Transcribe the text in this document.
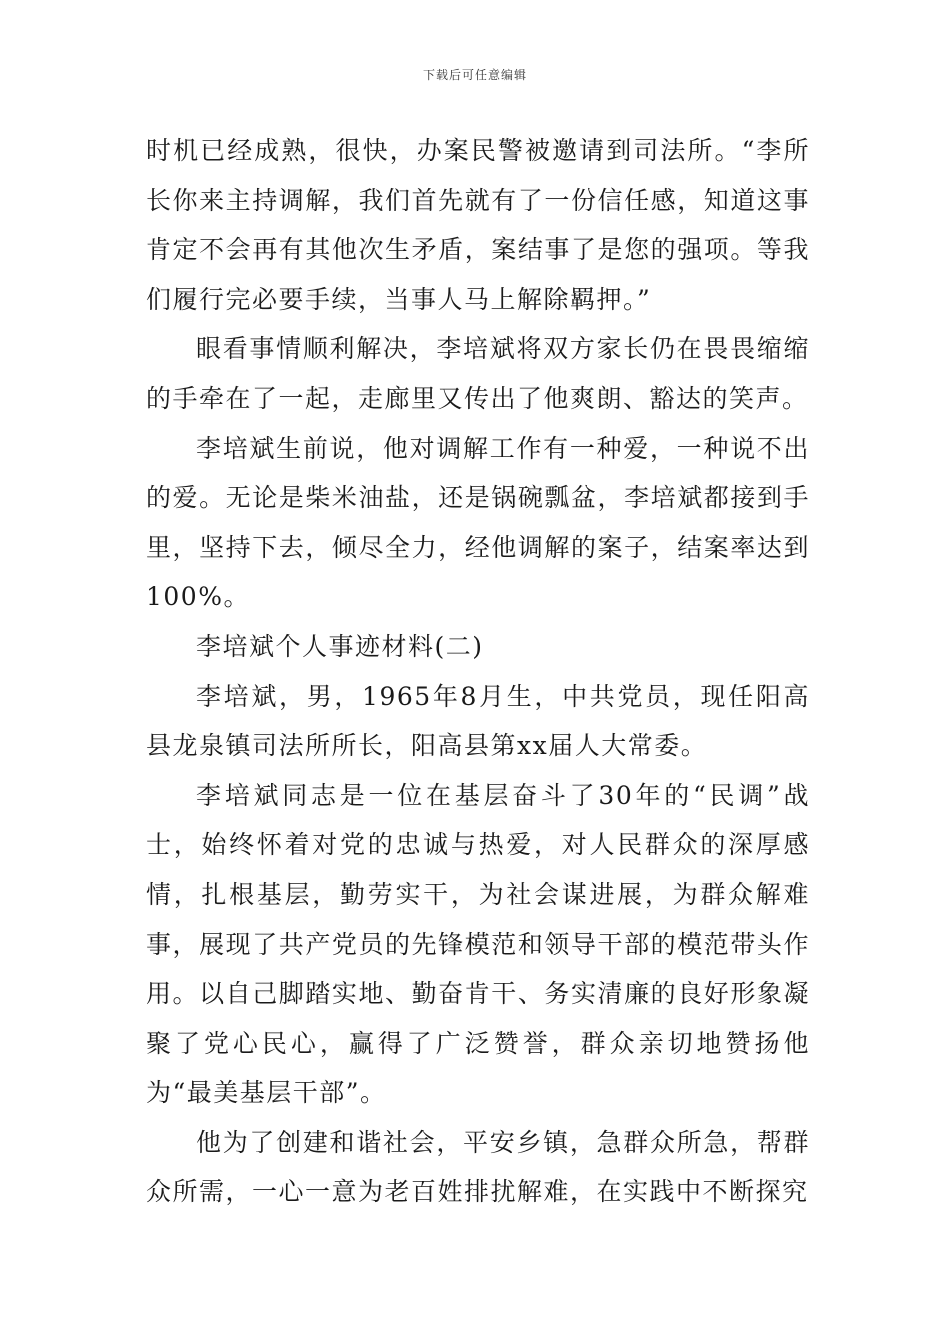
下载后可任意编辑

时机已经成熟，很快，办案民警被邀请到司法所。“李所长你来主持调解，我们首先就有了一份信任感，知道这事肯定不会再有其他次生矛盾，案结事了是您的强项。等我们履行完必要手续，当事人马上解除羁押。”

眼看事情顺利解决，李培斌将双方家长仍在畏畏缩缩的手牵在了一起，走廊里又传出了他爽朗、豁达的笑声。

李培斌生前说，他对调解工作有一种爱，一种说不出的爱。无论是柴米油盐，还是锅碗瓢盆，李培斌都接到手里，坚持下去，倾尽全力，经他调解的案子，结案率达到100%。

李培斌个人事迹材料(二)

李培斌，男，1965年8月生，中共党员，现任阳高县龙泉镇司法所所长，阳高县第xx届人大常委。

李培斌同志是一位在基层奋斗了30年的“民调”战士，始终怀着对党的忠诚与热爱，对人民群众的深厚感情，扎根基层，勤劳实干，为社会谋进展，为群众解难事，展现了共产党员的先锋模范和领导干部的模范带头作用。以自己脚踏实地、勤奋肯干、务实清廉的良好形象凝聚了党心民心，赢得了广泛赞誉，群众亲切地赞扬他为“最美基层干部”。

他为了创建和谐社会，平安乡镇，急群众所急，帮群众所需，一心一意为老百姓排扰解难，在实践中不断探究
